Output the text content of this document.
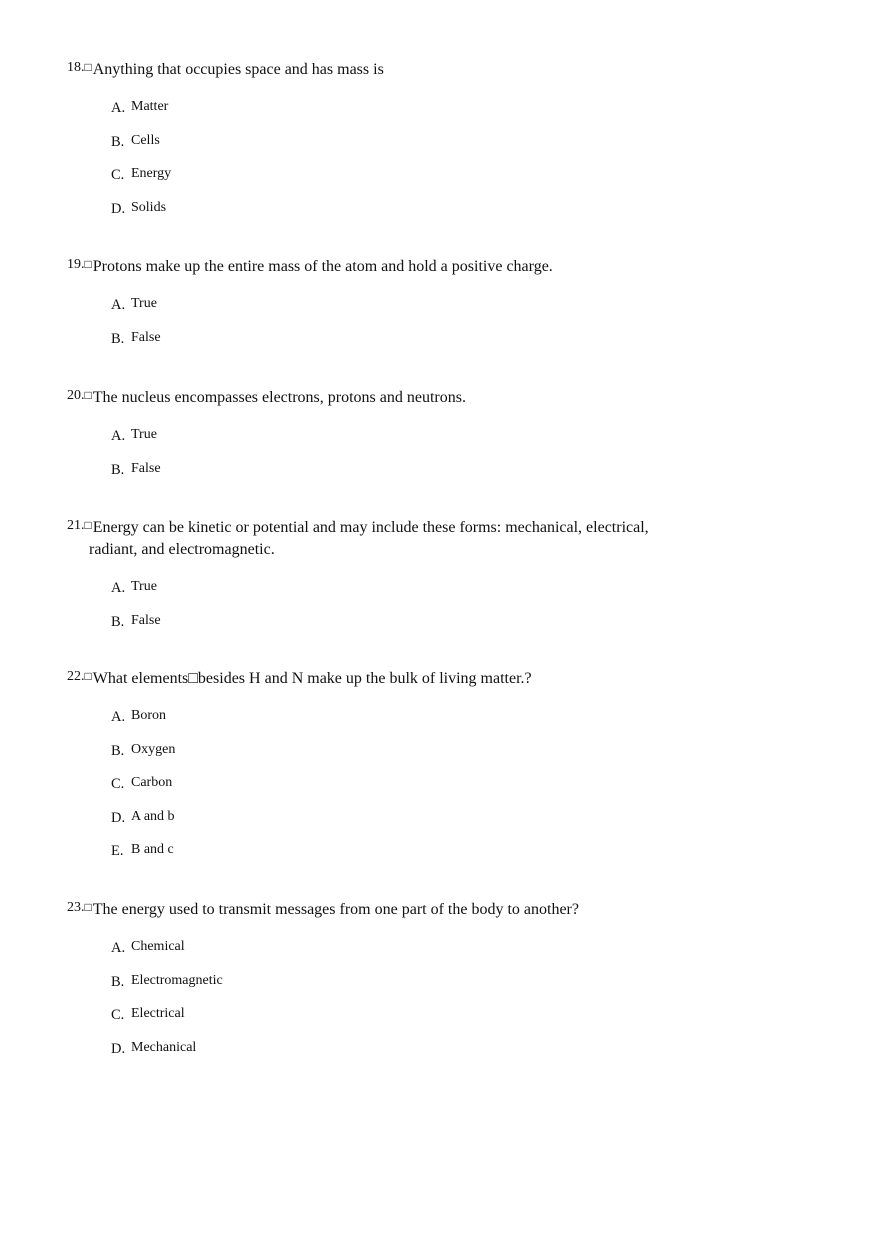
18.□Anything that occupies space and has mass is
A. Matter
B. Cells
C. Energy
D. Solids
19.□Protons make up the entire mass of the atom and hold a positive charge.
A. True
B. False
20.□The nucleus encompasses electrons, protons and neutrons.
A. True
B. False
21.□Energy can be kinetic or potential and may include these forms: mechanical, electrical, radiant, and electromagnetic.
A. True
B. False
22.□What elements□besides H and N make up the bulk of living matter.?
A. Boron
B. Oxygen
C. Carbon
D. A and b
E. B and c
23.□The energy used to transmit messages from one part of the body to another?
A. Chemical
B. Electromagnetic
C. Electrical
D. Mechanical
